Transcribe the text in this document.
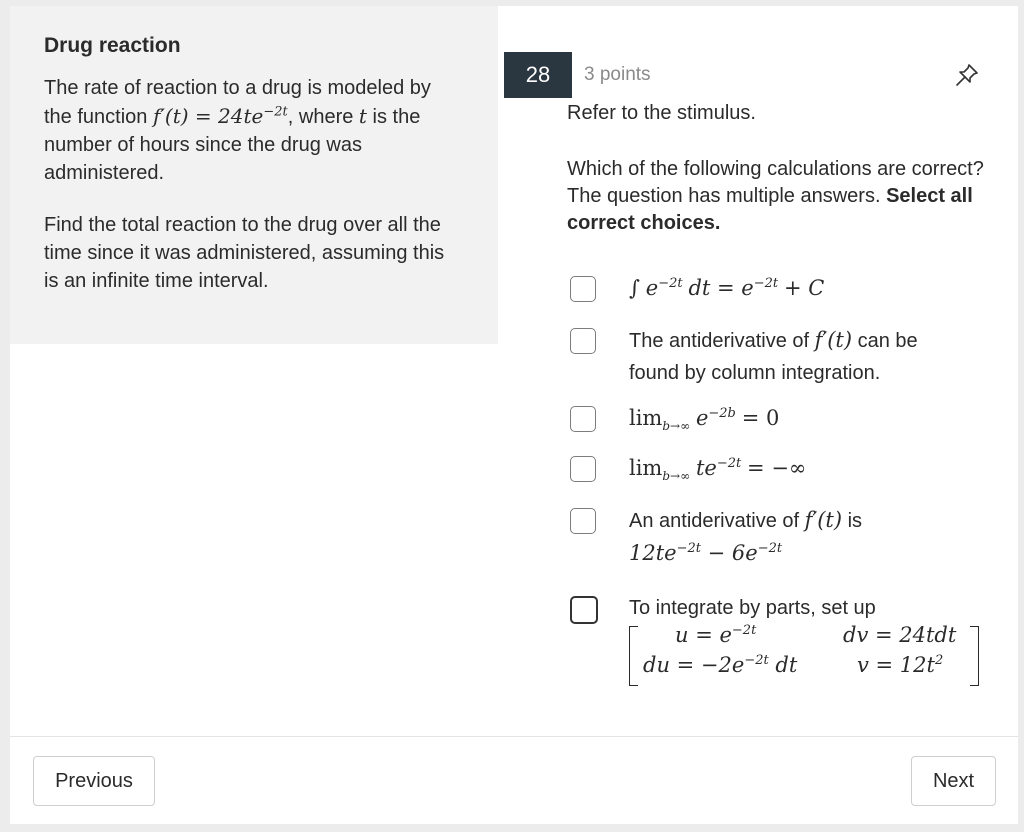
Drug reaction

The rate of reaction to a drug is modeled by the function $f'(t) = 24te^{-2t}$, where t is the number of hours since the drug was administered.

Find the total reaction to the drug over all the time since it was administered, assuming this is an infinite time interval.

28	3 points
Refer to the stimulus.
Which of the following calculations are correct?
The question has multiple answers. Select all correct choices.
∫ $e^{-2t}$ dt = $e^{-2t} + C$
The antiderivative of f′(t) can be
found by column integration.
$\lim_{b\to\infty} e^{-2b} = 0$
$\lim_{b\to\infty} te^{-2t}$ = −∞
An antiderivative of f′(t) is
$12te^{-2t} - 6e^{-2t}$
To integrate by parts, set up
$u = e^{-2t}$	dv = 24tdt
du = $-2e^{-2t}$ dt	$v = 12t^2$
Previous	Next
